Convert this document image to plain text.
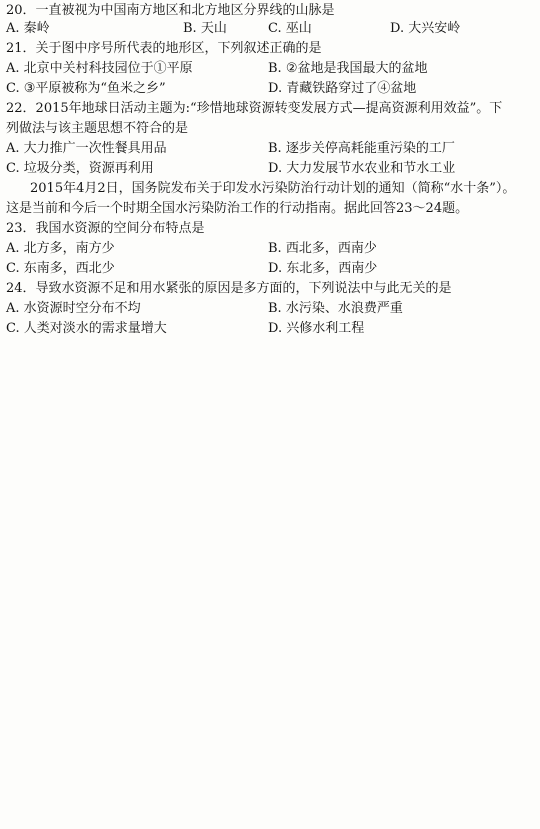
20．一直被视为中国南方地区和北方地区分界线的山脉是
A. 秦岭	B. 天山	C. 巫山	D. 大兴安岭
21．关于图中序号所代表的地形区，下列叙述正确的是
A. 北京中关村科技园位于①平原	B. ②盆地是我国最大的盆地
C. ③平原被称为“鱼米之乡”	D. 青藏铁路穿过了④盆地
22．2015年地球日活动主题为:“珍惜地球资源转变发展方式—提高资源利用效益”。下
列做法与该主题思想不符合的是
A. 大力推广一次性餐具用品	B. 逐步关停高耗能重污染的工厂
C. 垃圾分类，资源再利用	D. 大力发展节水农业和节水工业
2015年4月2日，国务院发布关于印发水污染防治行动计划的通知（简称“水十条”）。
这是当前和今后一个时期全国水污染防治工作的行动指南。据此回答23～24题。
23．我国水资源的空间分布特点是
A. 北方多，南方少	B. 西北多，西南少
C. 东南多，西北少	D. 东北多，西南少
24．导致水资源不足和用水紧张的原因是多方面的，下列说法中与此无关的是
A. 水资源时空分布不均	B. 水污染、水浪费严重
C. 人类对淡水的需求量增大	D. 兴修水利工程
